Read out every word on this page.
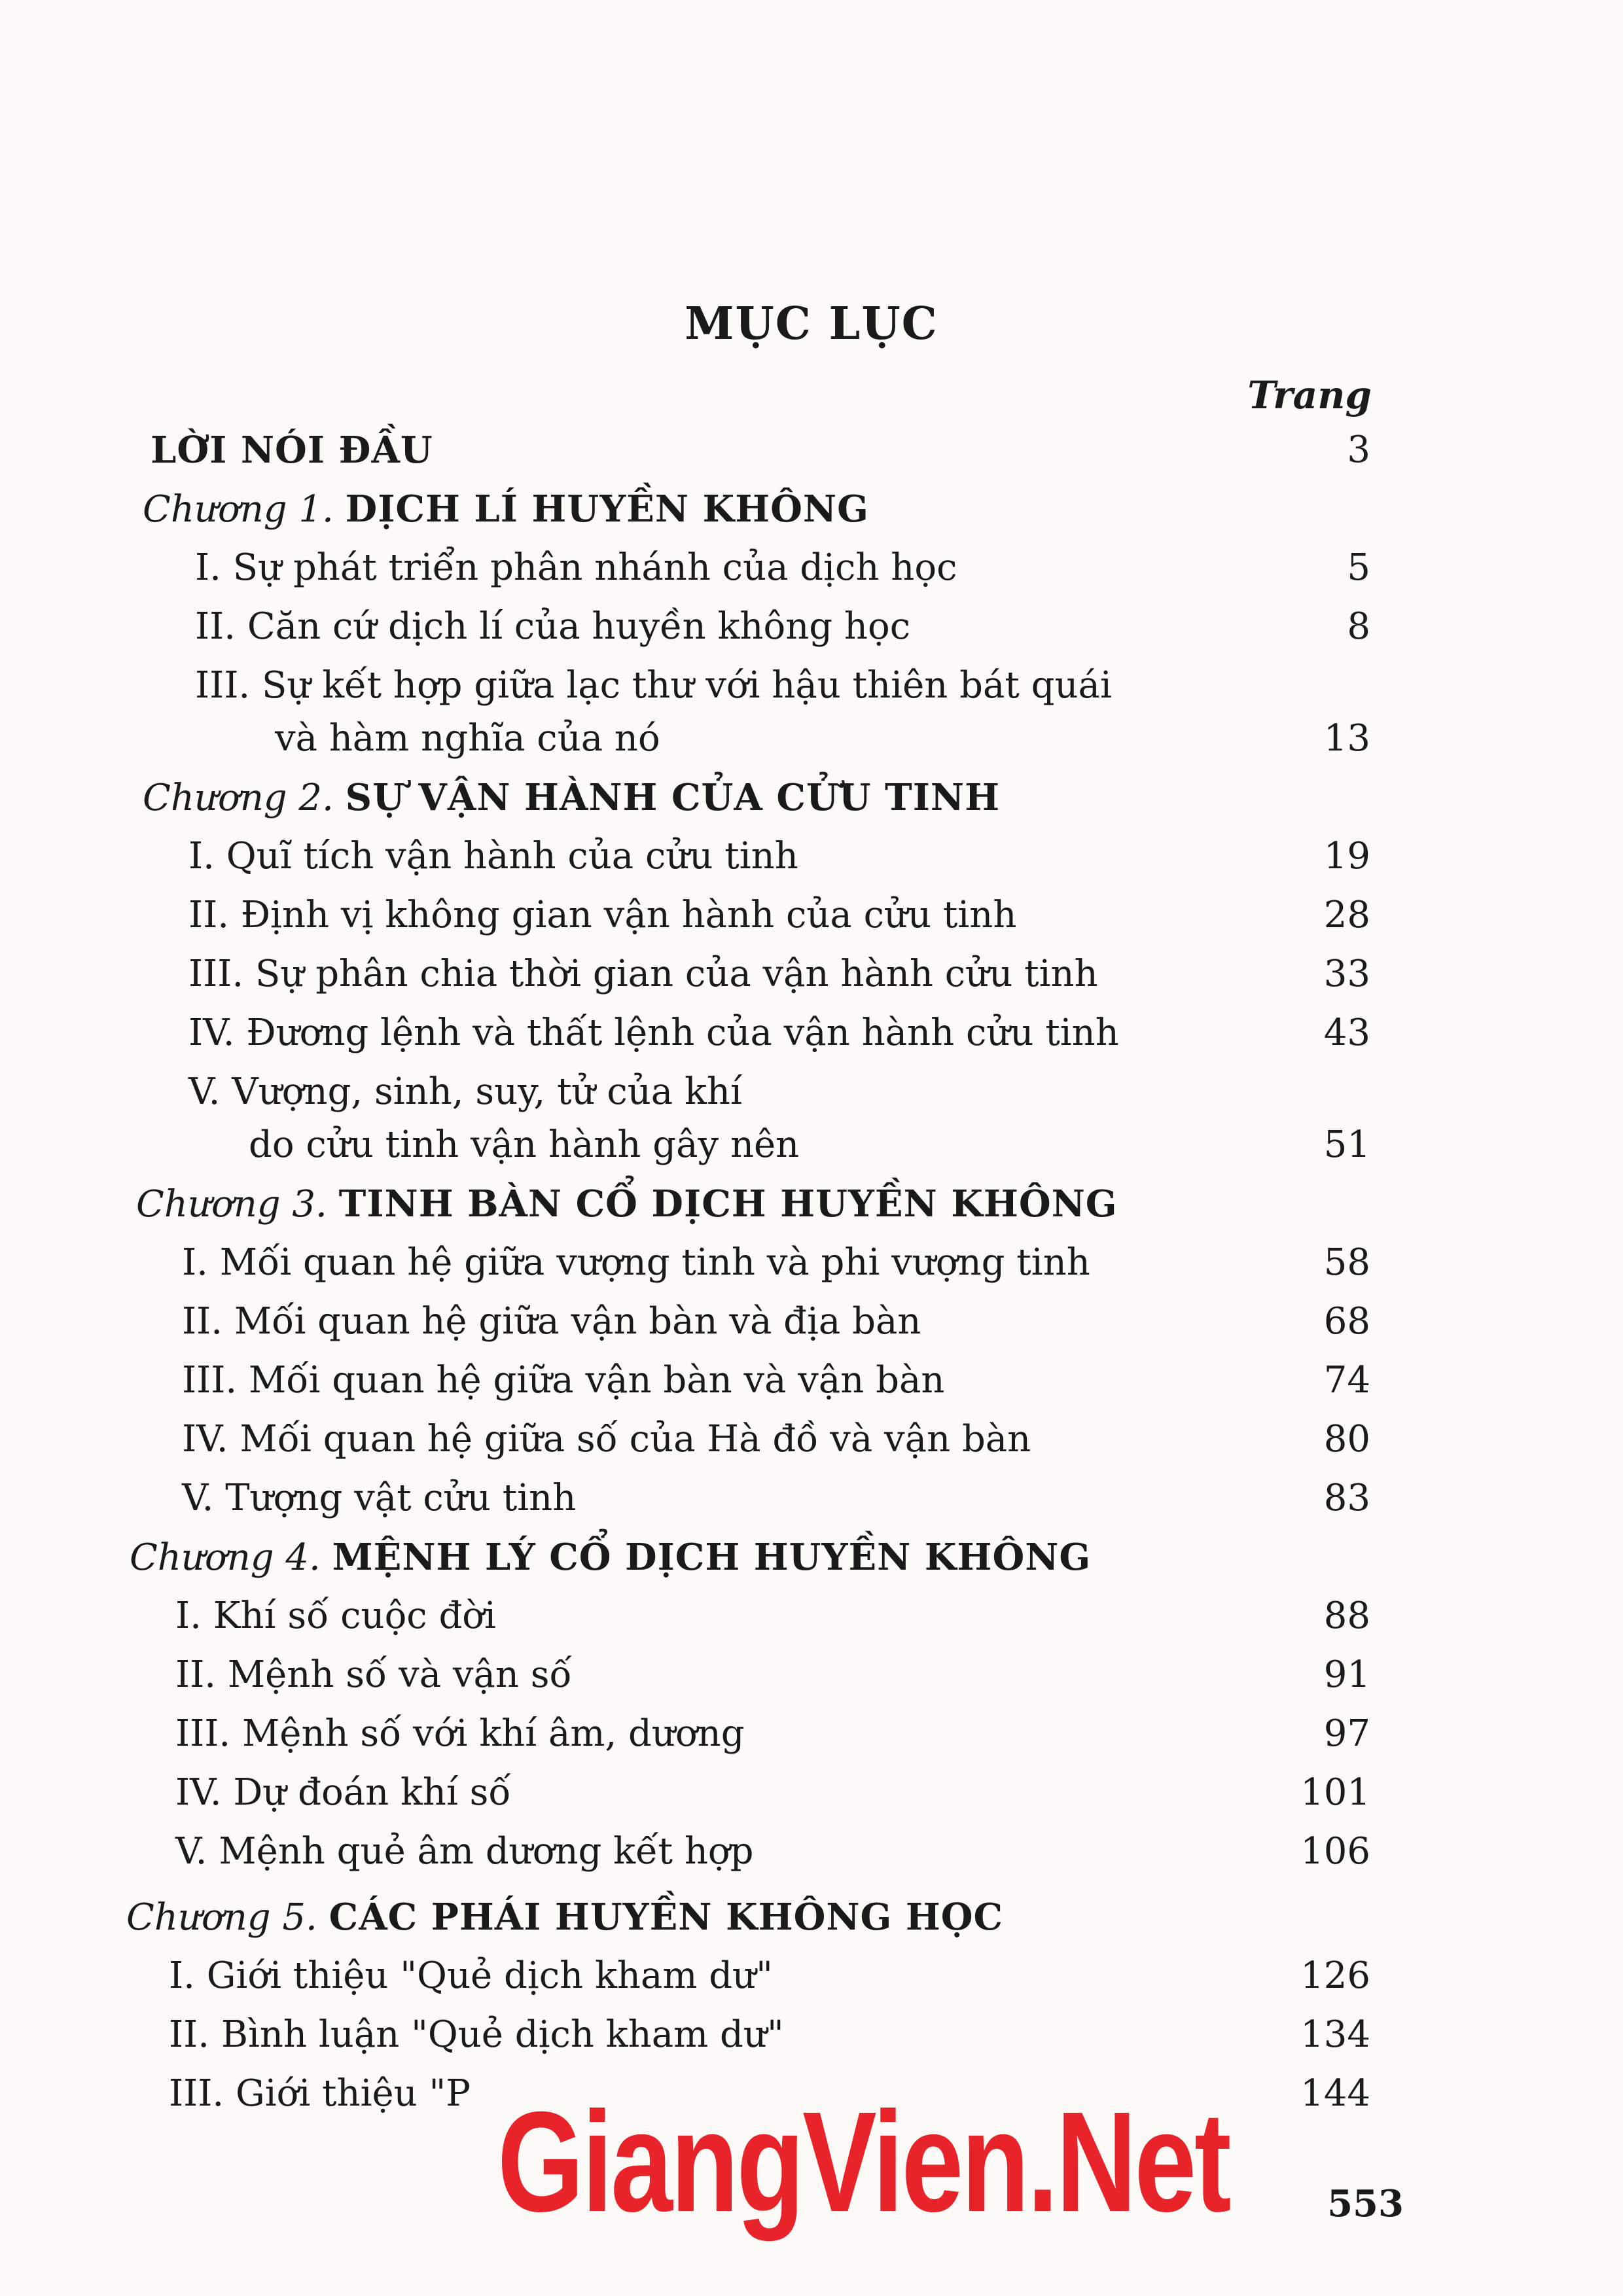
MỤC LỤC
Trang
LỜI NÓI ĐẦU	3
Chương 1. DỊCH LÍ HUYỀN KHÔNG
I. Sự phát triển phân nhánh của dịch học	5
II. Căn cứ dịch lí của huyền không học	8
III. Sự kết hợp giữa lạc thư với hậu thiên bát quái
và hàm nghĩa của nó	13
Chương 2. SỰ VẬN HÀNH CỦA CỬU TINH
I. Quĩ tích vận hành của cửu tinh	19
II. Định vị không gian vận hành của cửu tinh	28
III. Sự phân chia thời gian của vận hành cửu tinh	33
IV. Đương lệnh và thất lệnh của vận hành cửu tinh	43
V. Vượng, sinh, suy, tử của khí
do cửu tinh vận hành gây nên	51
Chương 3. TINH BÀN CỔ DỊCH HUYỀN KHÔNG
I. Mối quan hệ giữa vượng tinh và phi vượng tinh	58
II. Mối quan hệ giữa vận bàn và địa bàn	68
III. Mối quan hệ giữa vận bàn và vận bàn	74
IV. Mối quan hệ giữa số của Hà đồ và vận bàn	80
V. Tượng vật cửu tinh	83
Chương 4. MỆNH LÝ CỔ DỊCH HUYỀN KHÔNG
I. Khí số cuộc đời	88
II. Mệnh số và vận số	91
III. Mệnh số với khí âm, dương	97
IV. Dự đoán khí số	101
V. Mệnh quẻ âm dương kết hợp	106
Chương 5. CÁC PHÁI HUYỀN KHÔNG HỌC
I. Giới thiệu "Quẻ dịch kham dư"	126
II. Bình luận "Quẻ dịch kham dư"	134
III. Giới thiệu "P	144
553
GiangVien.Net
